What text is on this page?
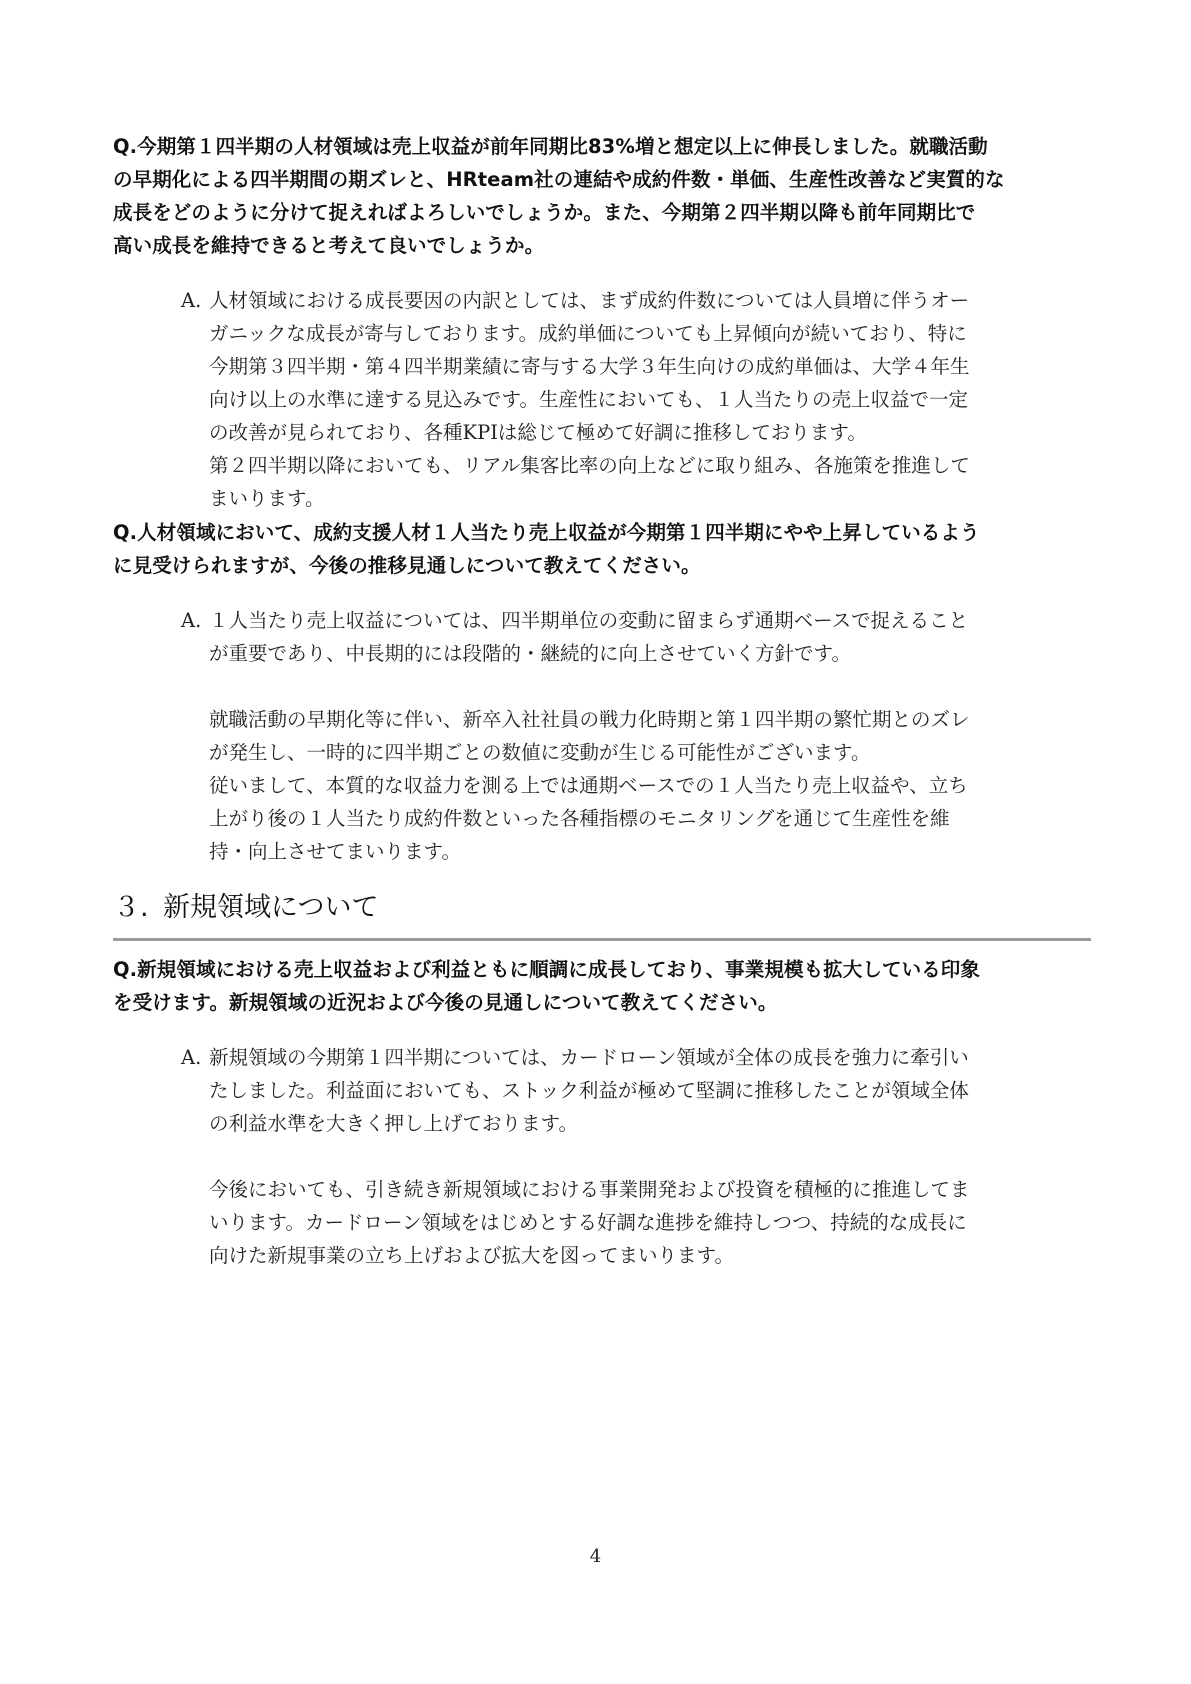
Q.今期第１四半期の人材領域は売上収益が前年同期比83%増と想定以上に伸長しました。就職活動
の早期化による四半期間の期ズレと、HRteam社の連結や成約件数・単価、生産性改善など実質的な
成長をどのように分けて捉えればよろしいでしょうか。また、今期第２四半期以降も前年同期比で
高い成長を維持できると考えて良いでしょうか。
A. 人材領域における成長要因の内訳としては、まず成約件数については人員増に伴うオー
ガニックな成長が寄与しております。成約単価についても上昇傾向が続いており、特に
今期第３四半期・第４四半期業績に寄与する大学３年生向けの成約単価は、大学４年生
向け以上の水準に達する見込みです。生産性においても、１人当たりの売上収益で一定
の改善が見られており、各種KPIは総じて極めて好調に推移しております。
第２四半期以降においても、リアル集客比率の向上などに取り組み、各施策を推進して
まいります。
Q.人材領域において、成約支援人材１人当たり売上収益が今期第１四半期にやや上昇しているよう
に見受けられますが、今後の推移見通しについて教えてください。
A. １人当たり売上収益については、四半期単位の変動に留まらず通期ベースで捉えること
が重要であり、中長期的には段階的・継続的に向上させていく方針です。
就職活動の早期化等に伴い、新卒入社社員の戦力化時期と第１四半期の繁忙期とのズレ
が発生し、一時的に四半期ごとの数値に変動が生じる可能性がございます。
従いまして、本質的な収益力を測る上では通期ベースでの１人当たり売上収益や、立ち
上がり後の１人当たり成約件数といった各種指標のモニタリングを通じて生産性を維
持・向上させてまいります。
３. 新規領域について
Q.新規領域における売上収益および利益ともに順調に成長しており、事業規模も拡大している印象
を受けます。新規領域の近況および今後の見通しについて教えてください。
A. 新規領域の今期第１四半期については、カードローン領域が全体の成長を強力に牽引い
たしました。利益面においても、ストック利益が極めて堅調に推移したことが領域全体
の利益水準を大きく押し上げております。
今後においても、引き続き新規領域における事業開発および投資を積極的に推進してま
いります。カードローン領域をはじめとする好調な進捗を維持しつつ、持続的な成長に
向けた新規事業の立ち上げおよび拡大を図ってまいります。
4
